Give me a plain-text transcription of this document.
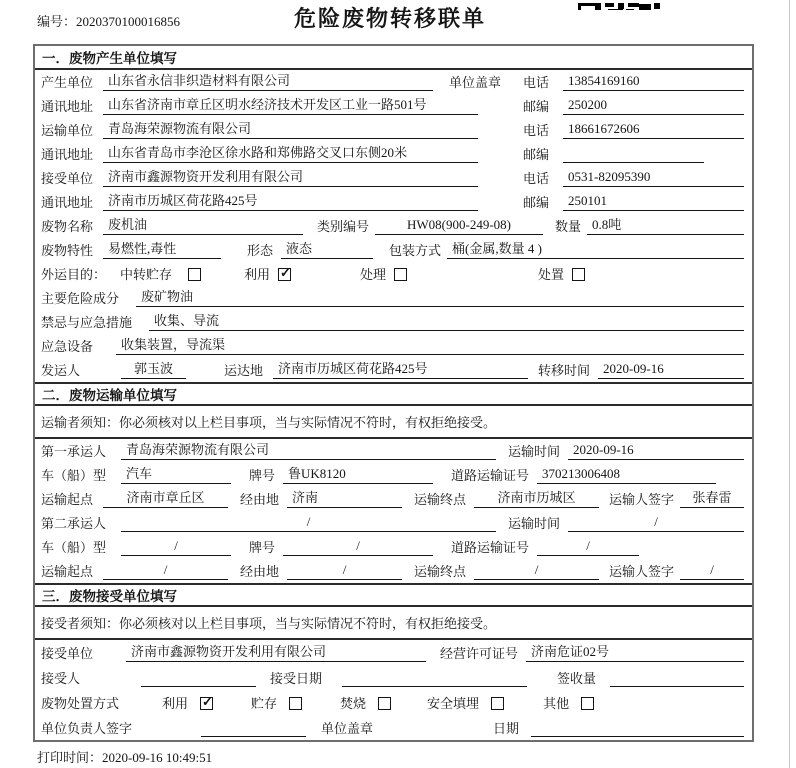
编号：2020370100016856	危险废物转移联单
一．废物产生单位填写
产生单位	山东省永信非织造材料有限公司	单位盖章 电话	13854169160
通讯地址	山东省济南市章丘区明水经济技术开发区工业一路501号	邮编	250200
运输单位	青岛海荣源物流有限公司	电话	18661672606
通讯地址	山东省青岛市李沧区徐水路和郑佛路交叉口东侧20米	邮编
接受单位	济南市鑫源物资开发利用有限公司	电话	0531-82095390
通讯地址	济南市历城区荷花路425号	邮编	250101
废物名称	废机油	类别编号	HW08(900-249-08)	数量 0.8吨
废物特性	易燃性,毒性	形态	液态	包装方式 桶(金属,数量 4 )
外运目的：	中转贮存	利用 ✓	处理	处置
主要危险成分	废矿物油
禁忌与应急措施	收集、导流
应急设备	收集装置，导流渠
发运人	郭玉波	运达地	济南市历城区荷花路425号	转移时间	2020-09-16
二．废物运输单位填写
运输者须知：你必须核对以上栏目事项，当与实际情况不符时，有权拒绝接受。
第一承运人	青岛海荣源物流有限公司	运输时间	2020-09-16
车（船）型	汽车	牌号	鲁UK8120	道路运输证号	370213006408
运输起点	济南市章丘区	经由地	济南	运输终点	济南市历城区	运输人签字	张春雷
第二承运人	/	运输时间	/
车（船）型	/	牌号	/	道路运输证号	/
运输起点	/	经由地	/	运输终点	/	运输人签字	/
三．废物接受单位填写
接受者须知：你必须核对以上栏目事项，当与实际情况不符时，有权拒绝接受。
接受单位	济南市鑫源物资开发利用有限公司	经营许可证号	济南危证02号
接受人	接受日期	签收量
废物处置方式	利用 ✓	贮存	焚烧	安全填埋	其他
单位负责人签字	单位盖章	日期
打印时间：2020-09-16 10:49:51
